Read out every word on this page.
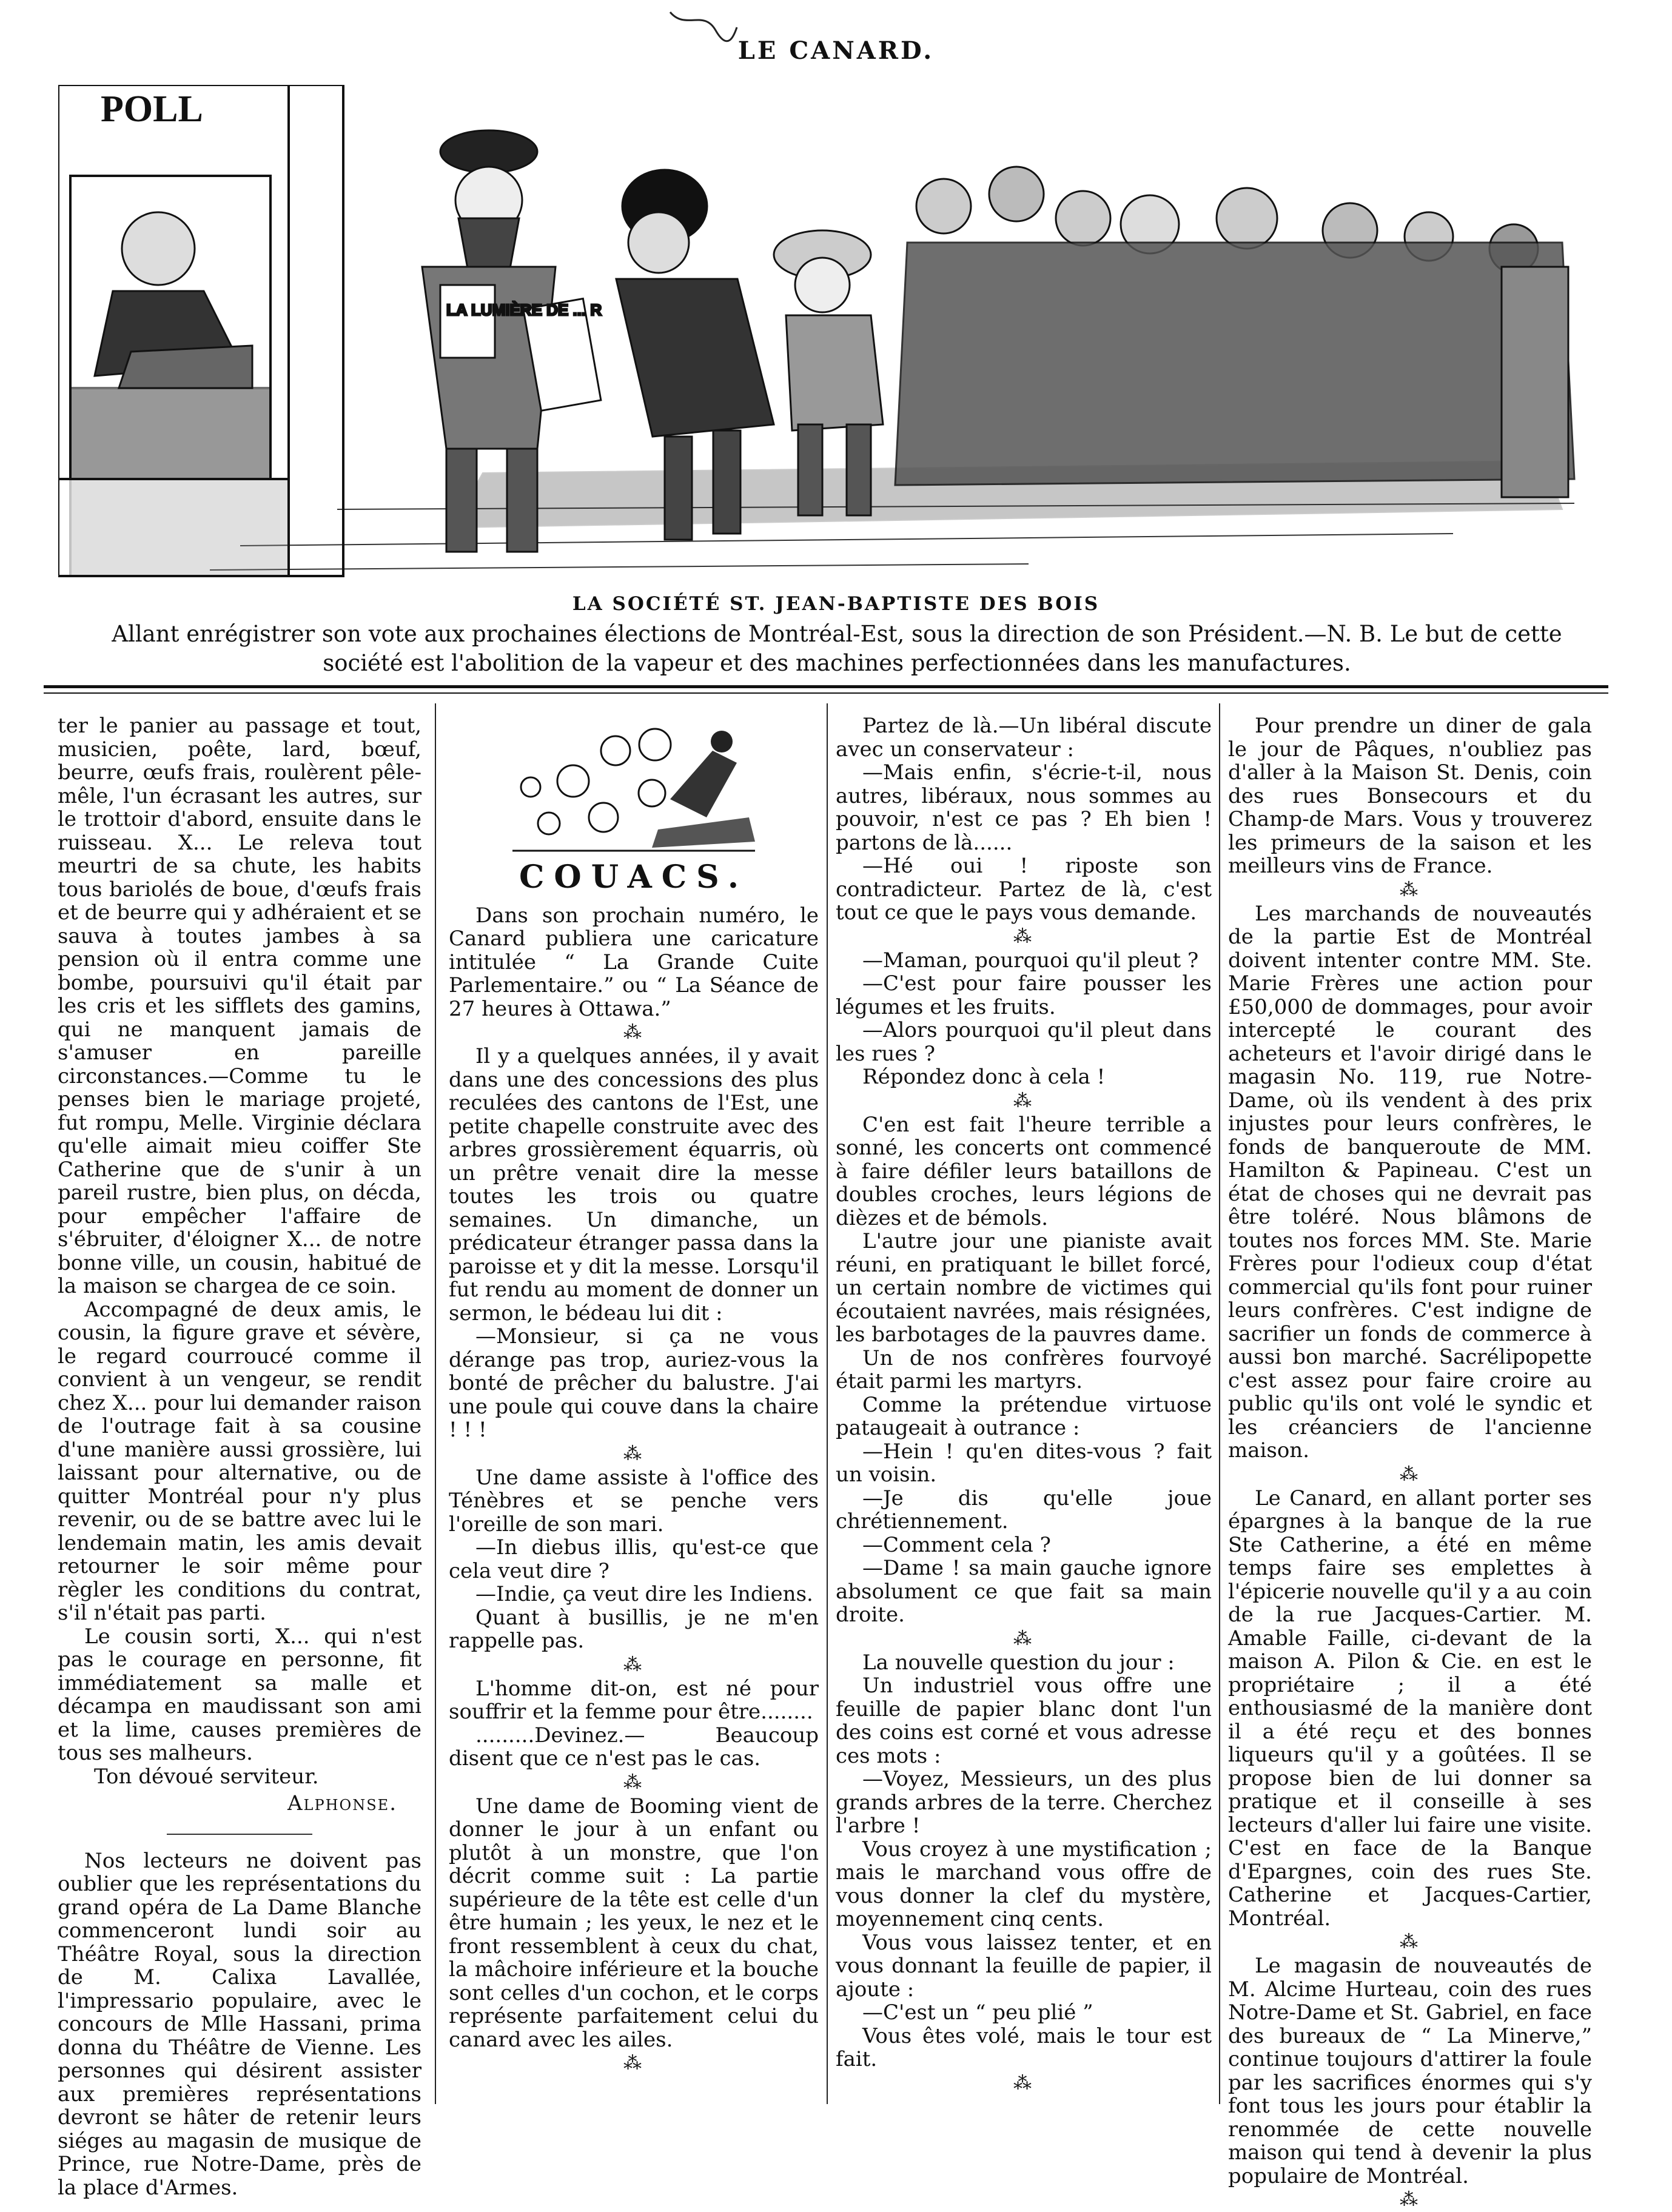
LE CANARD.
POLL
LA LUMIÈRE DE ... R
LA SOCIÉTÉ ST. JEAN-BAPTISTE DES BOIS
Allant enrégistrer son vote aux prochaines élections de Montréal-Est, sous la direction de son Président.—N. B. Le but de cette société est l'abolition de la vapeur et des machines perfectionnées dans les manufactures.

ter le panier au passage et tout, musicien, poête, lard, bœuf, beurre, œufs frais, roulèrent pêle-mêle, l'un écrasant les autres, sur le trottoir d'abord, ensuite dans le ruisseau. X... Le releva tout meurtri de sa chute, les habits tous bariolés de boue, d'œufs frais et de beurre qui y adhéraient et se sauva à toutes jambes à sa pension où il entra comme une bombe, poursuivi qu'il était par les cris et les sifflets des gamins, qui ne manquent jamais de s'amuser en pareille circonstances.—Comme tu le penses bien le mariage projeté, fut rompu, Melle. Virginie déclara qu'elle aimait mieu coiffer Ste Catherine que de s'unir à un pareil rustre, bien plus, on décda, pour empêcher l'affaire de s'ébruiter, d'éloigner X... de notre bonne ville, un cousin, habitué de la maison se chargea de ce soin.

Accompagné de deux amis, le cousin, la figure grave et sévère, le regard courroucé comme il convient à un vengeur, se rendit chez X... pour lui demander raison de l'outrage fait à sa cousine d'une manière aussi grossière, lui laissant pour alternative, ou de quitter Montréal pour n'y plus revenir, ou de se battre avec lui le lendemain matin, les amis devait retourner le soir même pour règler les conditions du contrat, s'il n'était pas parti.

Le cousin sorti, X... qui n'est pas le courage en personne, fit immédiatement sa malle et décampa en maudissant son ami et la lime, causes premières de tous ses malheurs.

Ton dévoué serviteur.

Alphonse.

Nos lecteurs ne doivent pas oublier que les représentations du grand opéra de La Dame Blanche commenceront lundi soir au Théâtre Royal, sous la direction de M. Calixa Lavallée, l'impressario populaire, avec le concours de Mlle Hassani, prima donna du Théâtre de Vienne. Les personnes qui désirent assister aux premières représentations devront se hâter de retenir leurs siéges au magasin de musique de Prince, rue Notre-Dame, près de la place d'Armes.

COUACS.

Dans son prochain numéro, le Canard publiera une caricature intitulée “ La Grande Cuite Parlementaire.” ou “ La Séance de 27 heures à Ottawa.”

⁂

Il y a quelques années, il y avait dans une des concessions des plus reculées des cantons de l'Est, une petite chapelle construite avec des arbres grossièrement équarris, où un prêtre venait dire la messe toutes les trois ou quatre semaines. Un dimanche, un prédicateur étranger passa dans la paroisse et y dit la messe. Lorsqu'il fut rendu au moment de donner un sermon, le bédeau lui dit :

—Monsieur, si ça ne vous dérange pas trop, auriez-vous la bonté de prêcher du balustre. J'ai une poule qui couve dans la chaire ! ! !

⁂

Une dame assiste à l'office des Ténèbres et se penche vers l'oreille de son mari.

—In diebus illis, qu'est-ce que cela veut dire ?

—Indie, ça veut dire les Indiens.

Quant à busillis, je ne m'en rappelle pas.

⁂

L'homme dit-on, est né pour souffrir et la femme pour être........

.........Devinez.— Beaucoup disent que ce n'est pas le cas.

⁂

Une dame de Booming vient de donner le jour à un enfant ou plutôt à un monstre, que l'on décrit comme suit : La partie supérieure de la tête est celle d'un être humain ; les yeux, le nez et le front ressemblent à ceux du chat, la mâchoire inférieure et la bouche sont celles d'un cochon, et le corps représente parfaitement celui du canard avec les ailes.

⁂

Partez de là.—Un libéral discute avec un conservateur :

—Mais enfin, s'écrie-t-il, nous autres, libéraux, nous sommes au pouvoir, n'est ce pas ? Eh bien ! partons de là......

—Hé oui ! riposte son contradicteur. Partez de là, c'est tout ce que le pays vous demande.

⁂

—Maman, pourquoi qu'il pleut ?

—C'est pour faire pousser les légumes et les fruits.

—Alors pourquoi qu'il pleut dans les rues ?

Répondez donc à cela !

⁂

C'en est fait l'heure terrible a sonné, les concerts ont commencé à faire défiler leurs bataillons de doubles croches, leurs légions de dièzes et de bémols.

L'autre jour une pianiste avait réuni, en pratiquant le billet forcé, un certain nombre de victimes qui écoutaient navrées, mais résignées, les barbotages de la pauvres dame.

Un de nos confrères fourvoyé était parmi les martyrs.

Comme la prétendue virtuose pataugeait à outrance :

—Hein ! qu'en dites-vous ? fait un voisin.

—Je dis qu'elle joue chrétiennement.

—Comment cela ?

—Dame ! sa main gauche ignore absolument ce que fait sa main droite.

⁂

La nouvelle question du jour :

Un industriel vous offre une feuille de papier blanc dont l'un des coins est corné et vous adresse ces mots :

—Voyez, Messieurs, un des plus grands arbres de la terre. Cherchez l'arbre !

Vous croyez à une mystification ; mais le marchand vous offre de vous donner la clef du mystère, moyennement cinq cents.

Vous vous laissez tenter, et en vous donnant la feuille de papier, il ajoute :

—C'est un “ peu plié ”

Vous êtes volé, mais le tour est fait.

⁂

Pour prendre un diner de gala le jour de Pâques, n'oubliez pas d'aller à la Maison St. Denis, coin des rues Bonsecours et du Champ-de Mars. Vous y trouverez les primeurs de la saison et les meilleurs vins de France.

⁂

Les marchands de nouveautés de la partie Est de Montréal doivent intenter contre MM. Ste. Marie Frères une action pour £50,000 de dommages, pour avoir intercepté le courant des acheteurs et l'avoir dirigé dans le magasin No. 119, rue Notre-Dame, où ils vendent à des prix injustes pour leurs confrères, le fonds de banqueroute de MM. Hamilton & Papineau. C'est un état de choses qui ne devrait pas être toléré. Nous blâmons de toutes nos forces MM. Ste. Marie Frères pour l'odieux coup d'état commercial qu'ils font pour ruiner leurs confrères. C'est indigne de sacrifier un fonds de commerce à aussi bon marché. Sacrélipopette c'est assez pour faire croire au public qu'ils ont volé le syndic et les créanciers de l'ancienne maison.

⁂

Le Canard, en allant porter ses épargnes à la banque de la rue Ste Catherine, a été en même temps faire ses emplettes à l'épicerie nouvelle qu'il y a au coin de la rue Jacques-Cartier. M. Amable Faille, ci-devant de la maison A. Pilon & Cie. en est le propriétaire ; il a été enthousiasmé de la manière dont il a été reçu et des bonnes liqueurs qu'il y a goûtées. Il se propose bien de lui donner sa pratique et il conseille à ses lecteurs d'aller lui faire une visite. C'est en face de la Banque d'Epargnes, coin des rues Ste. Catherine et Jacques-Cartier, Montréal.

⁂

Le magasin de nouveautés de M. Alcime Hurteau, coin des rues Notre-Dame et St. Gabriel, en face des bureaux de “ La Minerve,” continue toujours d'attirer la foule par les sacrifices énormes qui s'y font tous les jours pour établir la renommée de cette nouvelle maison qui tend à devenir la plus populaire de Montréal.

⁂
